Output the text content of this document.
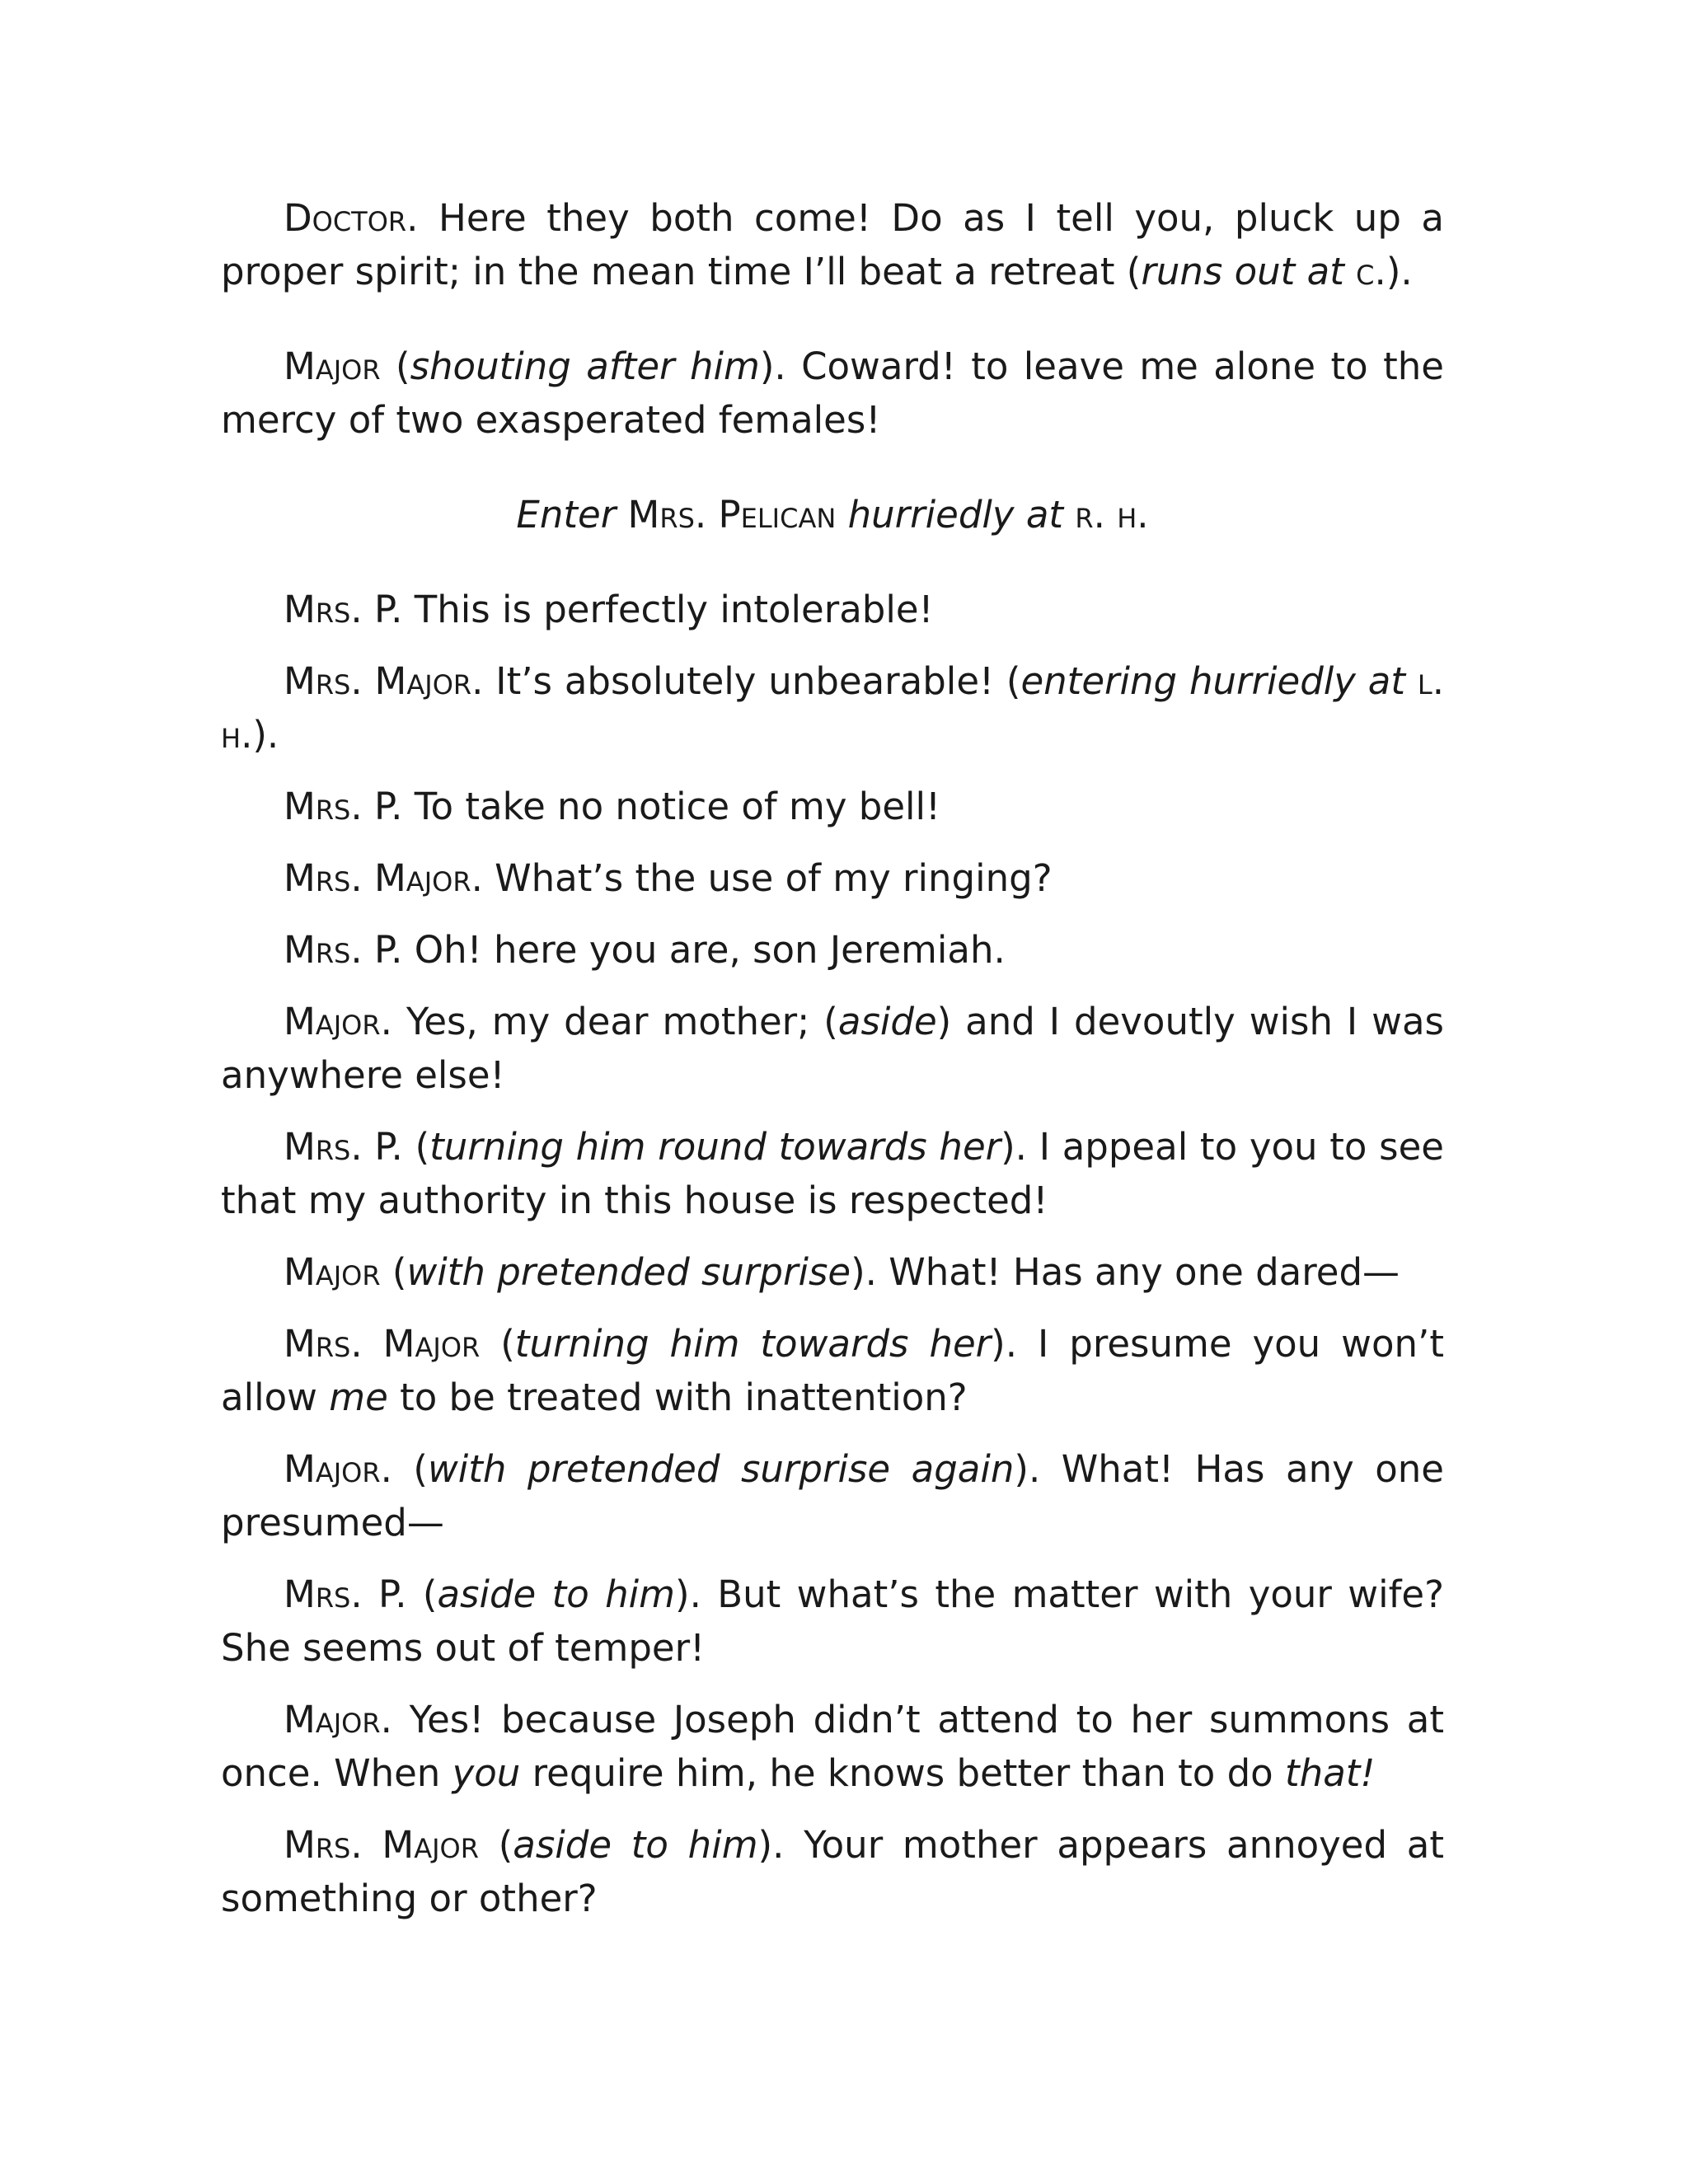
Doctor. Here they both come! Do as I tell you, pluck up a proper spirit; in the mean time I’ll beat a retreat (runs out at c.).

Major (shouting after him). Coward! to leave me alone to the mercy of two exasperated females!

Enter Mrs. Pelican hurriedly at r. h.

Mrs. P. This is perfectly intolerable!

Mrs. Major. It’s absolutely unbearable! (entering hurriedly at l. h.).

Mrs. P. To take no notice of my bell!

Mrs. Major. What’s the use of my ringing?

Mrs. P. Oh! here you are, son Jeremiah.

Major. Yes, my dear mother; (aside) and I devoutly wish I was anywhere else!

Mrs. P. (turning him round towards her). I appeal to you to see that my authority in this house is respected!

Major (with pretended surprise). What! Has any one dared—

Mrs. Major (turning him towards her). I presume you won’t allow me to be treated with inattention?

Major. (with pretended surprise again). What! Has any one presumed—

Mrs. P. (aside to him). But what’s the matter with your wife? She seems out of temper!

Major. Yes! because Joseph didn’t attend to her summons at once. When you require him, he knows better than to do that!

Mrs. Major (aside to him). Your mother appears annoyed at something or other?
